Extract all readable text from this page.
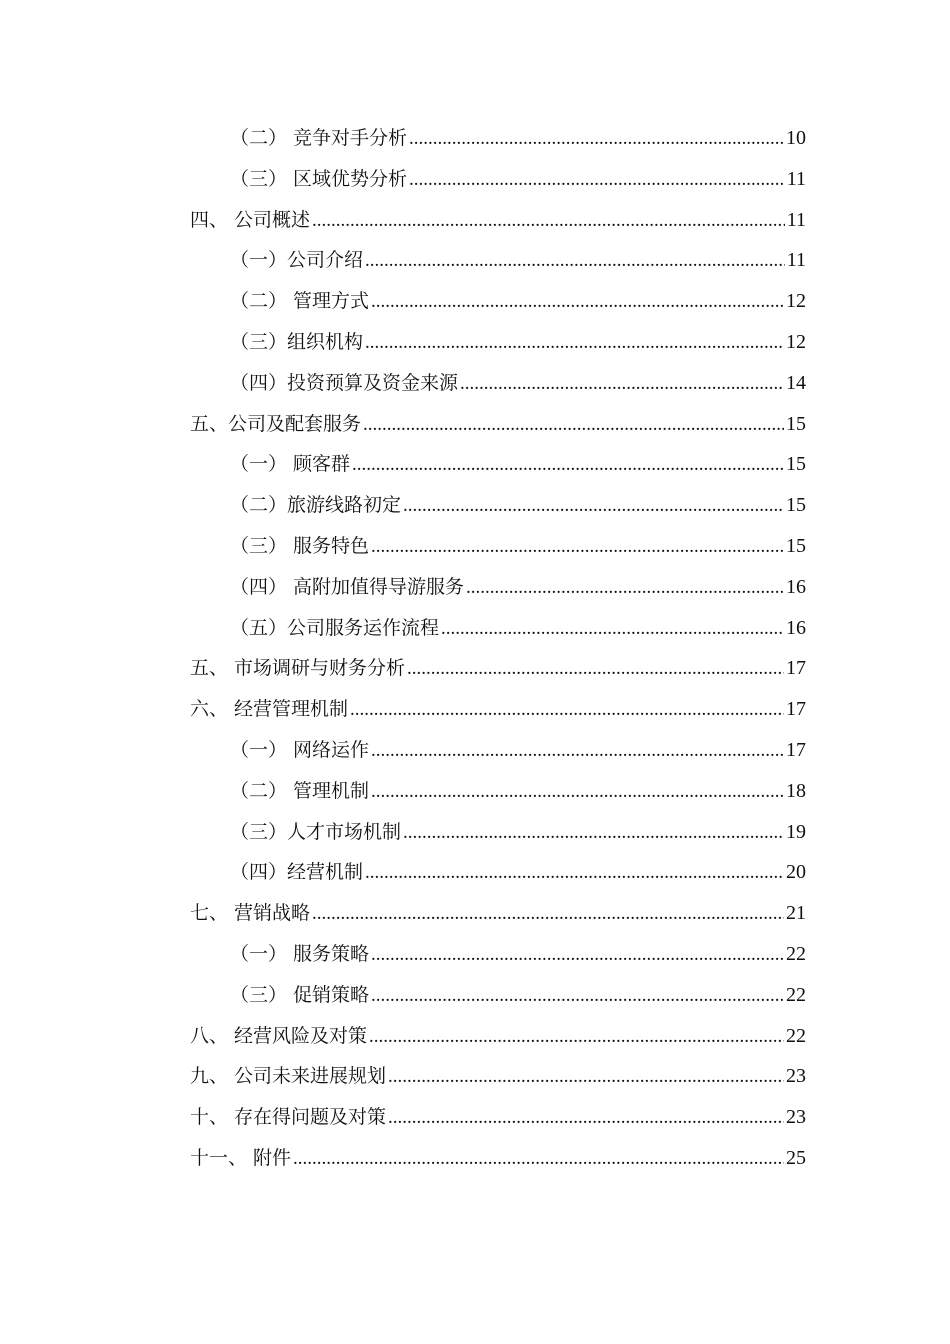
（二） 竞争对手分析 .....	10
（三） 区域优势分析 .....	11
四、 公司概述 .....	11
（一）公司介绍 .....	11
（二） 管理方式 .....	12
（三）组织机构 .....	12
（四）投资预算及资金来源 .....	14
五、公司及配套服务 .....	15
（一） 顾客群 .....	15
（二）旅游线路初定 .....	15
（三） 服务特色 .....	15
（四） 高附加值得导游服务 .....	16
（五）公司服务运作流程 .....	16
五、 市场调研与财务分析 .....	17
六、 经营管理机制 .....	17
（一） 网络运作 .....	17
（二） 管理机制 .....	18
（三）人才市场机制 .....	19
（四）经营机制 .....	20
七、 营销战略 .....	21
（一） 服务策略 .....	22
（三） 促销策略 .....	22
八、 经营风险及对策 .....	22
九、 公司未来进展规划 .....	23
十、 存在得问题及对策 .....	23
十一、 附件 .....	25
